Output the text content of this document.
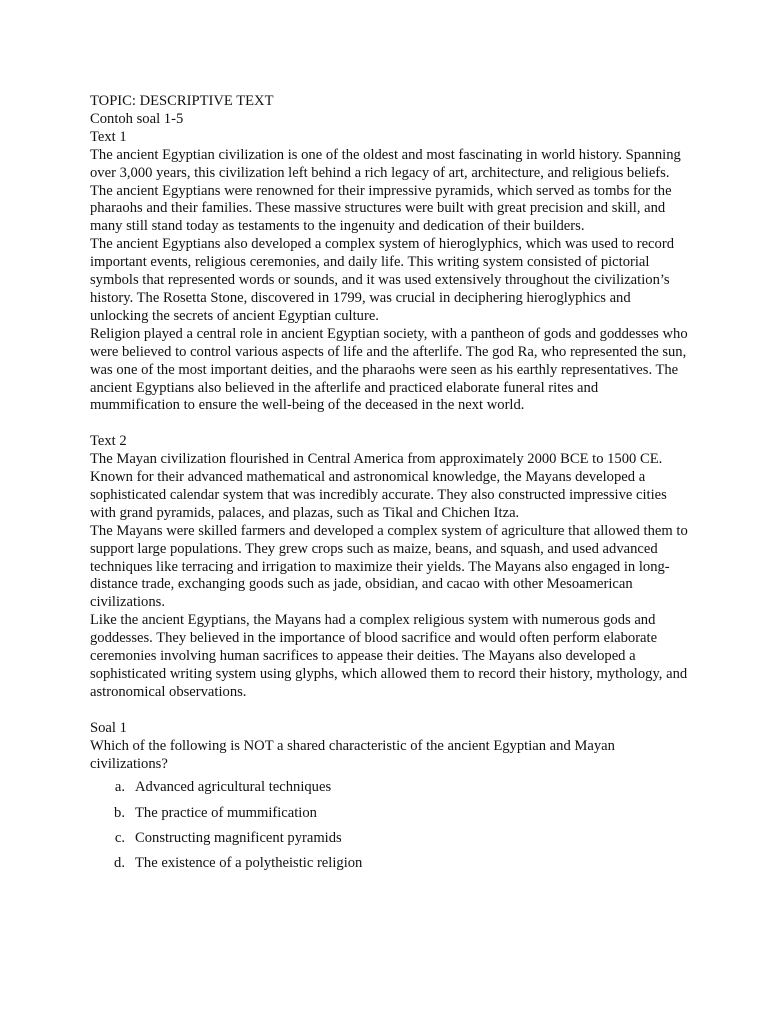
TOPIC: DESCRIPTIVE TEXT

Contoh soal 1-5

Text 1

The ancient Egyptian civilization is one of the oldest and most fascinating in world history. Spanning over 3,000 years, this civilization left behind a rich legacy of art, architecture, and religious beliefs. The ancient Egyptians were renowned for their impressive pyramids, which served as tombs for the pharaohs and their families. These massive structures were built with great precision and skill, and many still stand today as testaments to the ingenuity and dedication of their builders.

The ancient Egyptians also developed a complex system of hieroglyphics, which was used to record important events, religious ceremonies, and daily life. This writing system consisted of pictorial symbols that represented words or sounds, and it was used extensively throughout the civilization’s history. The Rosetta Stone, discovered in 1799, was crucial in deciphering hieroglyphics and unlocking the secrets of ancient Egyptian culture.

Religion played a central role in ancient Egyptian society, with a pantheon of gods and goddesses who were believed to control various aspects of life and the afterlife. The god Ra, who represented the sun, was one of the most important deities, and the pharaohs were seen as his earthly representatives. The ancient Egyptians also believed in the afterlife and practiced elaborate funeral rites and mummification to ensure the well-being of the deceased in the next world.

Text 2

The Mayan civilization flourished in Central America from approximately 2000 BCE to 1500 CE. Known for their advanced mathematical and astronomical knowledge, the Mayans developed a sophisticated calendar system that was incredibly accurate. They also constructed impressive cities with grand pyramids, palaces, and plazas, such as Tikal and Chichen Itza.

The Mayans were skilled farmers and developed a complex system of agriculture that allowed them to support large populations. They grew crops such as maize, beans, and squash, and used advanced techniques like terracing and irrigation to maximize their yields. The Mayans also engaged in long-distance trade, exchanging goods such as jade, obsidian, and cacao with other Mesoamerican civilizations.

Like the ancient Egyptians, the Mayans had a complex religious system with numerous gods and goddesses. They believed in the importance of blood sacrifice and would often perform elaborate ceremonies involving human sacrifices to appease their deities. The Mayans also developed a sophisticated writing system using glyphs, which allowed them to record their history, mythology, and astronomical observations.

Soal 1

Which of the following is NOT a shared characteristic of the ancient Egyptian and Mayan civilizations?

a. Advanced agricultural techniques
b. The practice of mummification
c. Constructing magnificent pyramids
d. The existence of a polytheistic religion
